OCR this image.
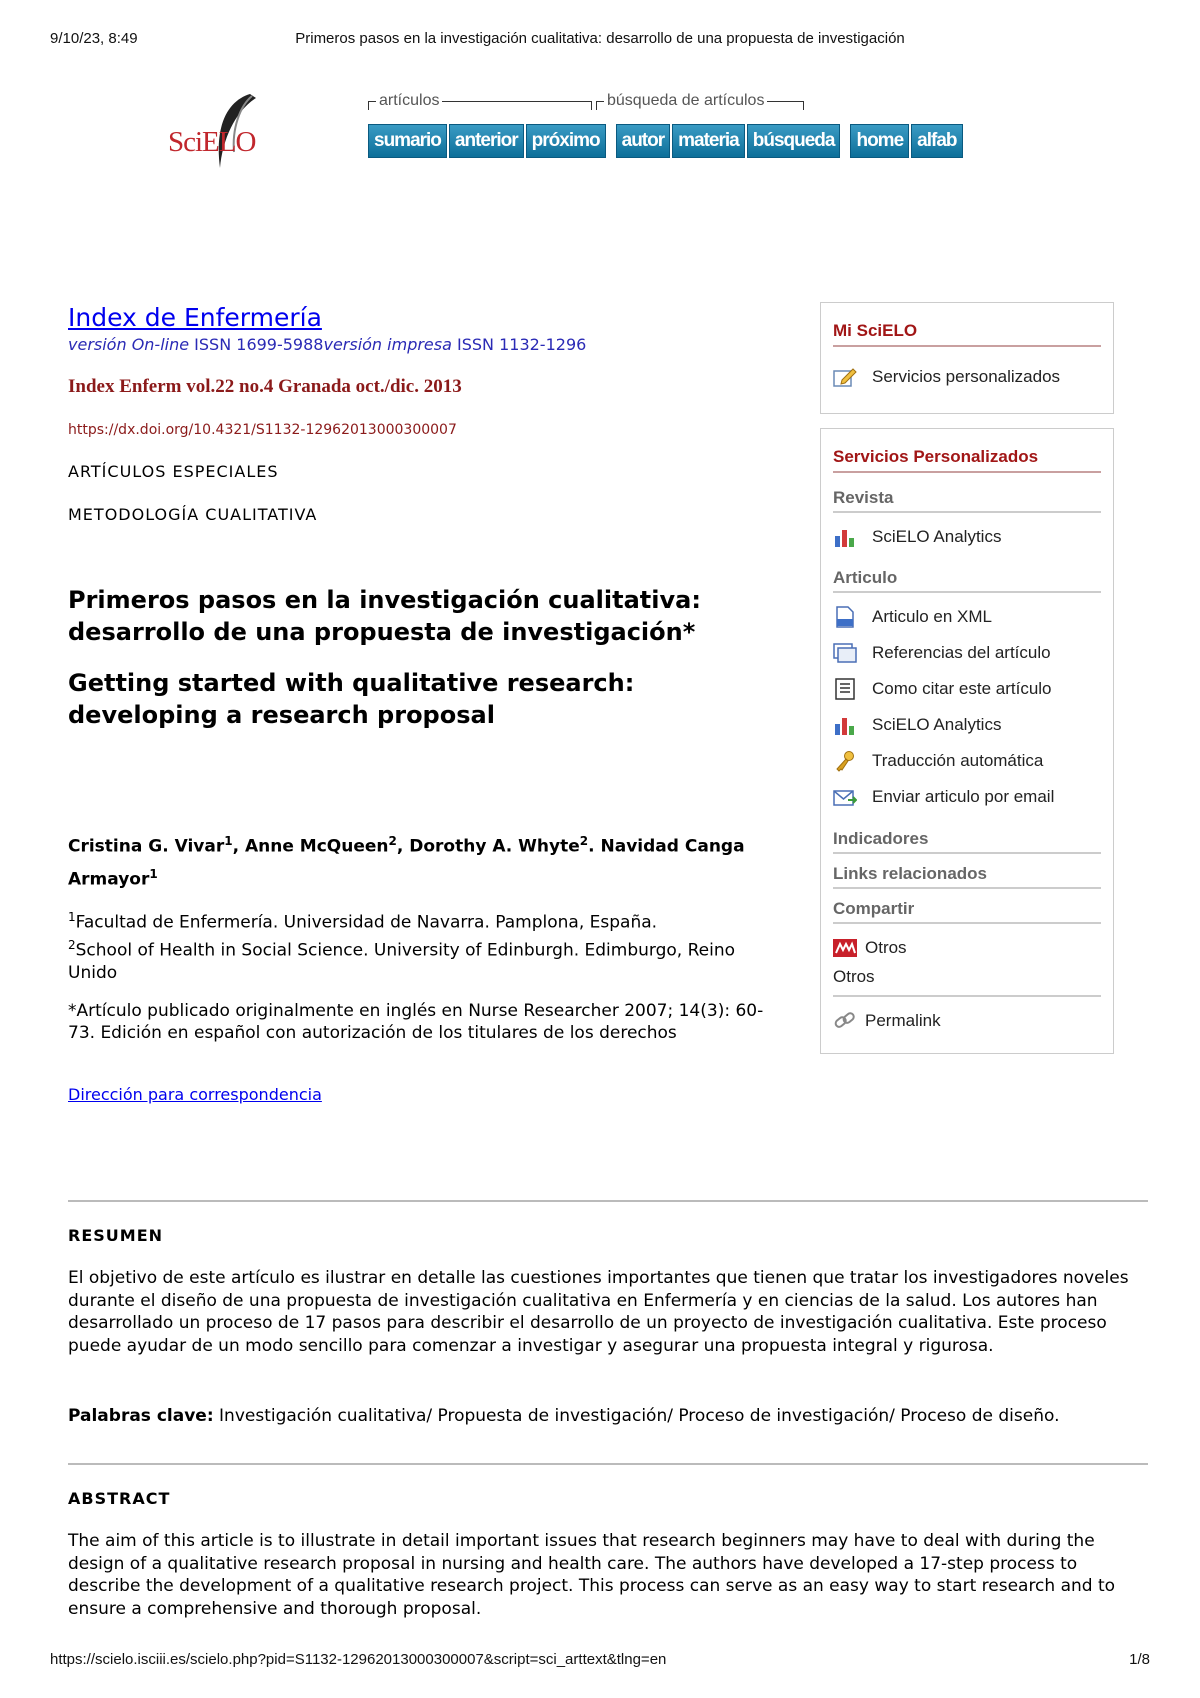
9/10/23, 8:49	Primeros pasos en la investigación cualitativa: desarrollo de una propuesta de investigación
https://scielo.isciii.es/scielo.php?pid=S1132-12962013000300007&script=sci_arttext&tlng=en	1/8
SciELO
artículos	búsqueda de artículos
sumario anterior próximo	autor materia búsqueda	home alfab
Index de Enfermería
versión On-line ISSN 1699-5988versión impresa ISSN 1132-1296
Index Enferm vol.22 no.4 Granada oct./dic. 2013
https://dx.doi.org/10.4321/S1132-12962013000300007
ARTÍCULOS ESPECIALES
METODOLOGÍA CUALITATIVA
Primeros pasos en la investigación cualitativa:
desarrollo de una propuesta de investigación*
Getting started with qualitative research:
developing a research proposal
Cristina G. Vivar$^1$, Anne McQueen$^2$, Dorothy A. Whyte$^2$. Navidad Canga Armayor$^1$
$^1$Facultad de Enfermería. Universidad de Navarra. Pamplona, España.
$^2$School of Health in Social Science. University of Edinburgh. Edimburgo, Reino Unido
*Artículo publicado originalmente en inglés en Nurse Researcher 2007; 14(3): 60-73. Edición en español con autorización de los titulares de los derechos
Dirección para correspondencia
RESUMEN
El objetivo de este artículo es ilustrar en detalle las cuestiones importantes que tienen que tratar los investigadores noveles durante el diseño de una propuesta de investigación cualitativa en Enfermería y en ciencias de la salud. Los autores han desarrollado un proceso de 17 pasos para describir el desarrollo de un proyecto de investigación cualitativa. Este proceso puede ayudar de un modo sencillo para comenzar a investigar y asegurar una propuesta integral y rigurosa.
Palabras clave: Investigación cualitativa/ Propuesta de investigación/ Proceso de investigación/ Proceso de diseño.
ABSTRACT
The aim of this article is to illustrate in detail important issues that research beginners may have to deal with during the design of a qualitative research proposal in nursing and health care. The authors have developed a 17-step process to describe the development of a qualitative research project. This process can serve as an easy way to start research and to ensure a comprehensive and thorough proposal.
Mi SciELO
Servicios personalizados
Servicios Personalizados
Revista
SciELO Analytics
Articulo
Articulo en XML
Referencias del artículo
Como citar este artículo
SciELO Analytics
Traducción automática
Enviar articulo por email
Indicadores
Links relacionados
Compartir
Otros
Otros
Permalink
